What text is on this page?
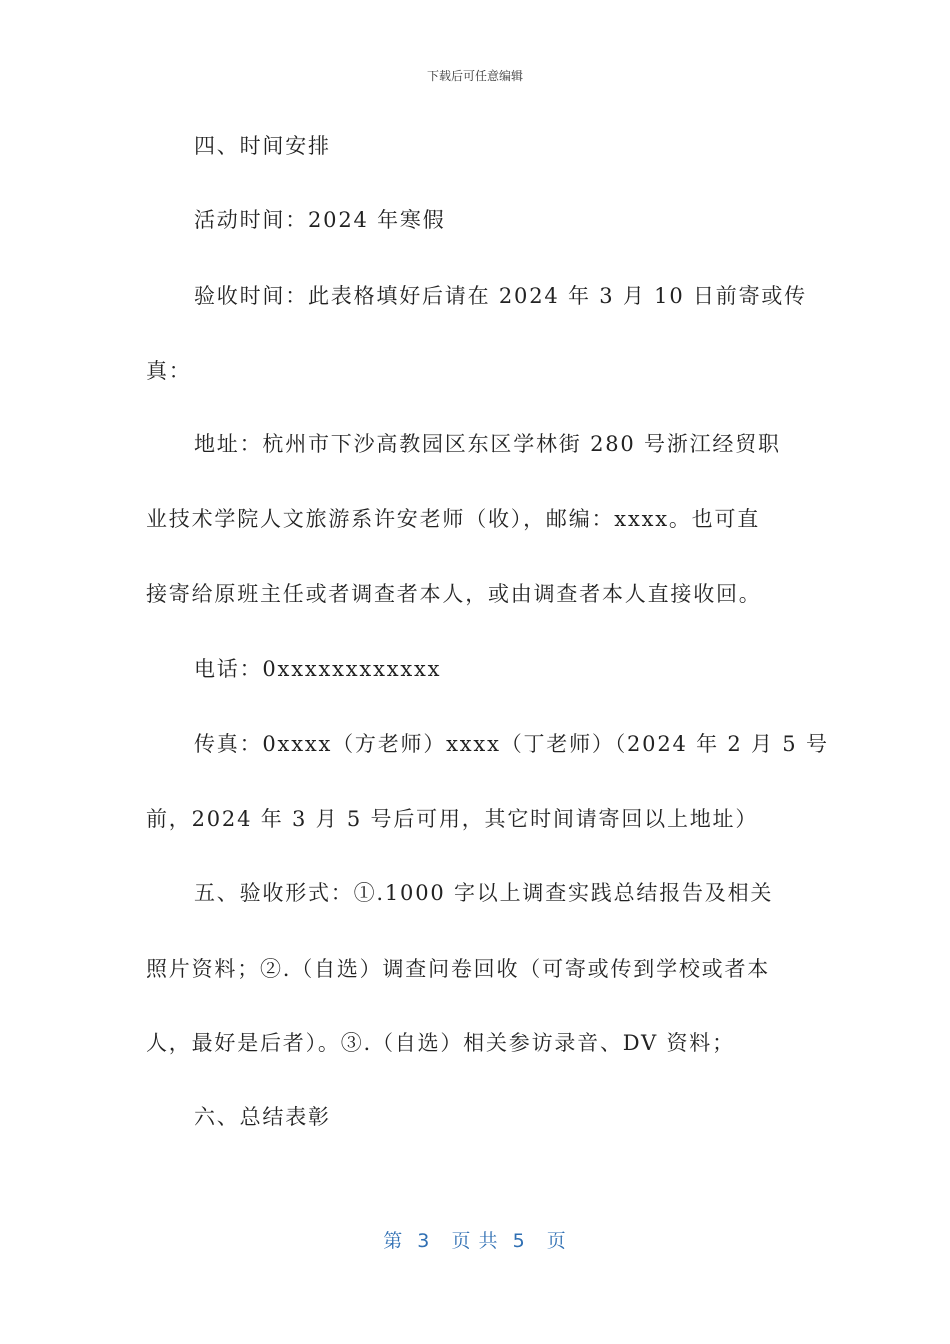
下载后可任意编辑
四、时间安排
活动时间：2024 年寒假
验收时间：此表格填好后请在 2024 年 3 月 10 日前寄或传
真：
地址：杭州市下沙高教园区东区学林街 280 号浙江经贸职
业技术学院人文旅游系许安老师（收），邮编：xxxx。也可直
接寄给原班主任或者调查者本人，或由调查者本人直接收回。
电话：0xxxxxxxxxxxx
传真：0xxxx（方老师）xxxx（丁老师）（2024 年 2 月 5 号
前，2024 年 3 月 5 号后可用，其它时间请寄回以上地址）
五、验收形式：①.1000 字以上调查实践总结报告及相关
照片资料；②.（自选）调查问卷回收（可寄或传到学校或者本
人，最好是后者）。③.（自选）相关参访录音、DV 资料；
六、总结表彰
第  3   页 共  5   页
